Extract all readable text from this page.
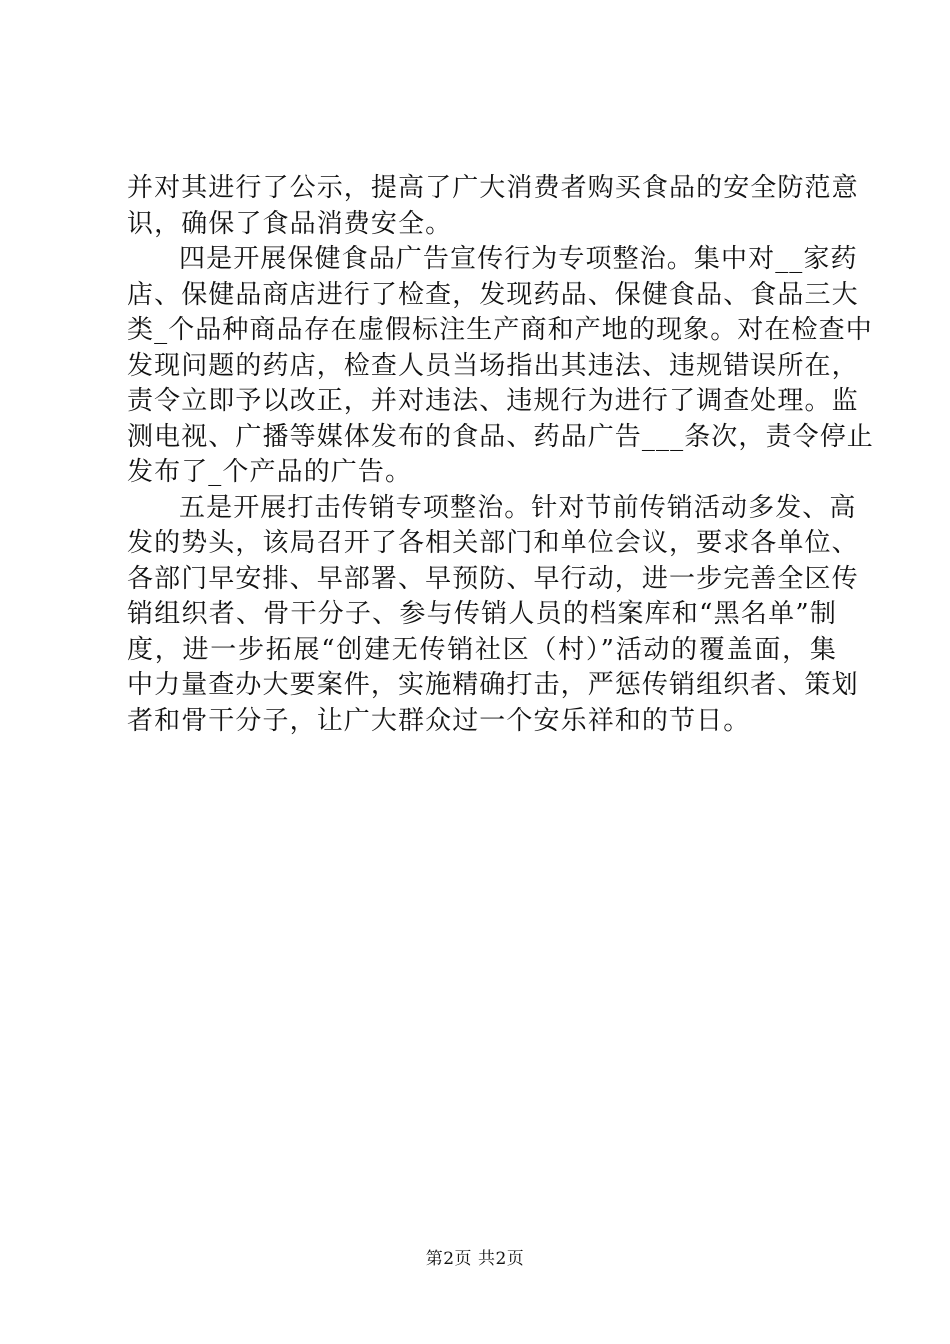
并对其进行了公示，提高了广大消费者购买食品的安全防范意
识，确保了食品消费安全。

四是开展保健食品广告宣传行为专项整治。集中对__家药
店、保健品商店进行了检查，发现药品、保健食品、食品三大
类_个品种商品存在虚假标注生产商和产地的现象。对在检查中
发现问题的药店，检查人员当场指出其违法、违规错误所在，
责令立即予以改正，并对违法、违规行为进行了调查处理。监
测电视、广播等媒体发布的食品、药品广告___条次，责令停止
发布了_个产品的广告。

五是开展打击传销专项整治。针对节前传销活动多发、高
发的势头，该局召开了各相关部门和单位会议，要求各单位、
各部门早安排、早部署、早预防、早行动，进一步完善全区传
销组织者、骨干分子、参与传销人员的档案库和“黑名单”制
度，进一步拓展“创建无传销社区（村）”活动的覆盖面，集
中力量查办大要案件，实施精确打击，严惩传销组织者、策划
者和骨干分子，让广大群众过一个安乐祥和的节日。

第2页 共2页
